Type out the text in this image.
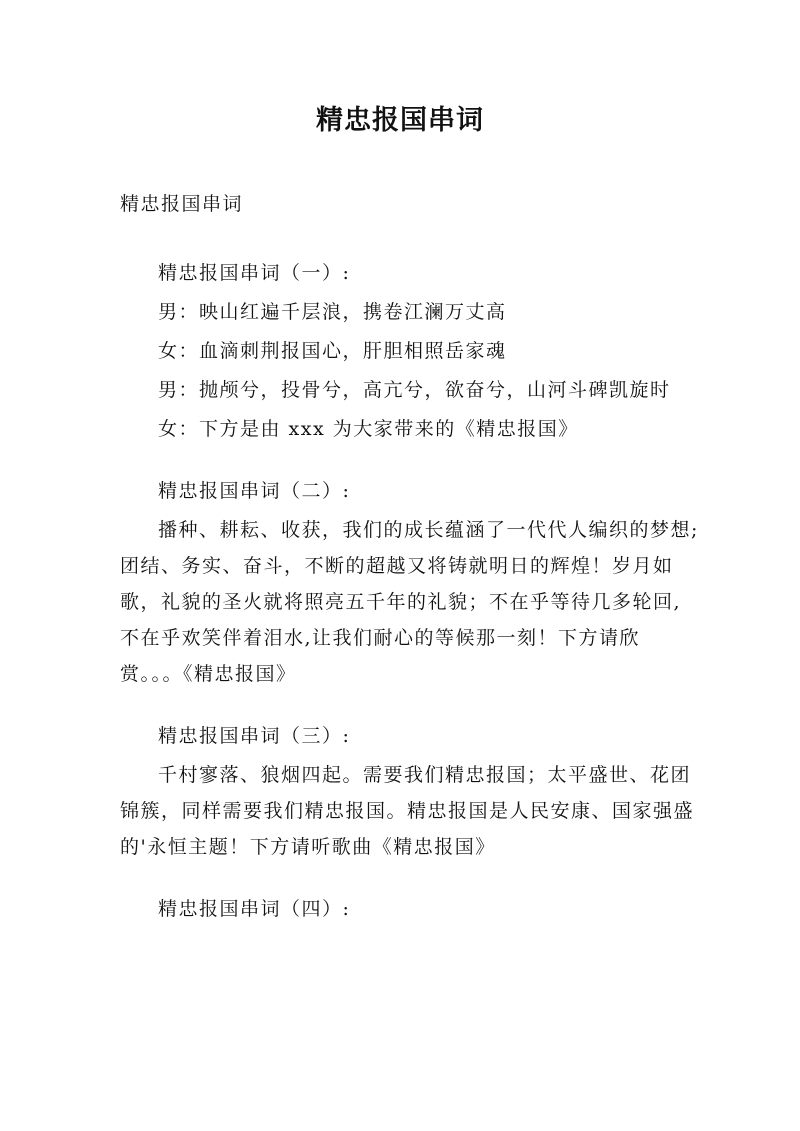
精忠报国串词

精忠报国串词

精忠报国串词（一）:

男：映山红遍千层浪，携卷江澜万丈高

女：血滴刺荆报国心，肝胆相照岳家魂

男：抛颅兮，投骨兮，高亢兮，欲奋兮，山河斗碑凯旋时

女：下方是由 xxx 为大家带来的《精忠报国》

精忠报国串词（二）:

播种、耕耘、收获，我们的成长蕴涵了一代代人编织的梦想;团结、务实、奋斗，不断的超越又将铸就明日的辉煌！岁月如歌，礼貌的圣火就将照亮五千年的礼貌；不在乎等待几多轮回,不在乎欢笑伴着泪水,让我们耐心的等候那一刻！下方请欣赏。。。《精忠报国》

精忠报国串词（三）:

千村寥落、狼烟四起。需要我们精忠报国；太平盛世、花团锦簇，同样需要我们精忠报国。精忠报国是人民安康、国家强盛的'永恒主题！下方请听歌曲《精忠报国》

精忠报国串词（四）:
